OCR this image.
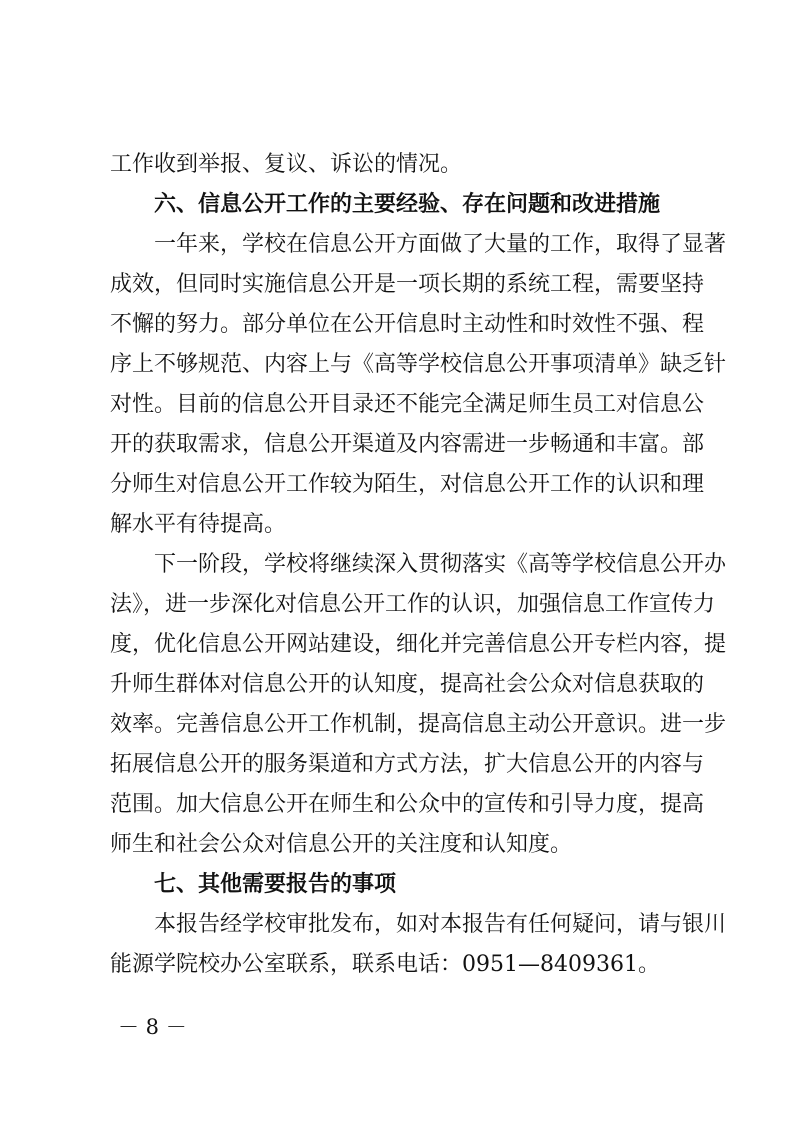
工作收到举报、复议、诉讼的情况。
六、信息公开工作的主要经验、存在问题和改进措施
一年来，学校在信息公开方面做了大量的工作，取得了显著
成效，但同时实施信息公开是一项长期的系统工程，需要坚持
不懈的努力。部分单位在公开信息时主动性和时效性不强、程
序上不够规范、内容上与《高等学校信息公开事项清单》缺乏针
对性。目前的信息公开目录还不能完全满足师生员工对信息公
开的获取需求，信息公开渠道及内容需进一步畅通和丰富。部
分师生对信息公开工作较为陌生，对信息公开工作的认识和理
解水平有待提高。
下一阶段，学校将继续深入贯彻落实《高等学校信息公开办
法》，进一步深化对信息公开工作的认识，加强信息工作宣传力
度，优化信息公开网站建设，细化并完善信息公开专栏内容，提
升师生群体对信息公开的认知度，提高社会公众对信息获取的
效率。完善信息公开工作机制，提高信息主动公开意识。进一步
拓展信息公开的服务渠道和方式方法，扩大信息公开的内容与
范围。加大信息公开在师生和公众中的宣传和引导力度，提高
师生和社会公众对信息公开的关注度和认知度。
七、其他需要报告的事项
本报告经学校审批发布，如对本报告有任何疑问，请与银川
能源学院校办公室联系，联系电话：0951—8409361。
－ 8 －
